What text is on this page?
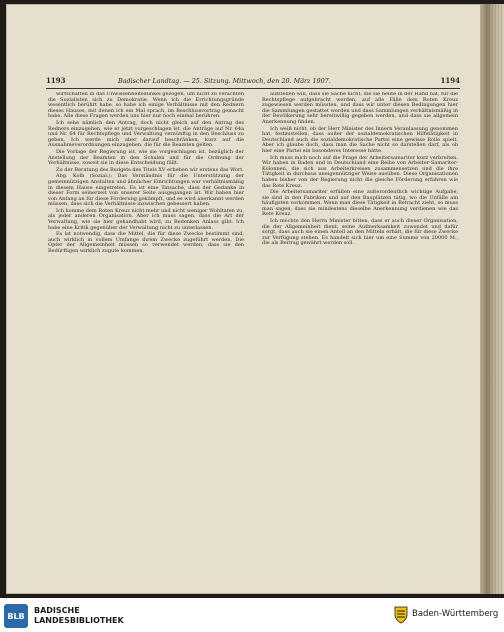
1193	Badischer Landtag. — 25. Sitzung. Mittwoch, den 20. März 1907.	1194

wirtschaften in das Unwissenheitsdunkel gezogen, um nicht zu verachten die Sozialisten sich zu Demokratie. Wenn ich die Errichtungsgründe wesentlich berührt habe, so habe ich einige Verhältnisse mit den Rednern dieses Hauses, mit denen ich ein Mal sprach, im Beschlussvortrag gemacht habe. Alle diese Fragen werden uns hier nur noch einmal berühren.

Ich sehe nämlich den Antrag, doch nicht gleich auf den Antrag des Redners einzugehen, wie er jetzt vorgeschlagen ist, die Anträge auf Nr. 64a und Nr. 64 für Rechtspflege und Verwaltung vernünftig in den Beschluss zu geben. Ich werde mich aber darauf beschränken, kurz auf die Ausnahmeverordnungen einzugehen, die für die Beamten gelten.

Die Vorlage der Regierung ist, wie sie vorgeschlagen ist, bezüglich der Anstellung der Beamten in den Schulen und für die Ordnung der Verhältnisse, soweit sie in diese Entscheidung fällt.

Zu der Beratung des Budgets des Titels XV erheben wir erstens das Wort.

Abg. Kolb (Sozial.): Das Verständnis für die Unterstützung der gemeinnützigen Anstalten und ähnlicher Einrichtungen war verhältnismäßig in diesem Hause eingetreten. Es ist eine Tatsache, dass der Gedanke in dieser Form seinerzeit von unserer Seite ausgegangen ist. Wir haben hier von Anfang an für diese Forderung gekämpft, und es wird anerkannt werden müssen, dass sich die Verhältnisse inzwischen gebessert haben.

Ich komme dem Roten Kreuz nicht mehr und nicht weniger Wohltaten zu, als jeder anderen Organisation. Aber ich muss sagen, dass die Art der Verwaltung, wie sie hier gehandhabt wird, zu Bedenken Anlass gibt. Ich habe eine Kritik gegenüber der Verwaltung nicht zu unterlassen.

Es ist notwendig, dass die Mittel, die für diese Zwecke bestimmt sind, auch wirklich in vollem Umfange ihrem Zwecke zugeführt werden. Die Opfer der Allgemeinheit müssen so verwendet werden, dass sie den Bedürftigen wirklich zugute kommen.

aufstellen will, dass sie Sache nicht, die sie heute in der Hand hat, für die Rechtspflege aufgebracht werden, auf alle Fälle dem Roten Kreuz zugewiesen werden müssten, und dass wir unter diesen Bedingungen hier die Sammlungen gestattet werden und dass Sammlungen verhältnismäßig in der Bevölkerung sehr bereitwillig gegeben werden, und dass sie allgemein Anerkennung finden.

Ich weiß nicht, ob der Herr Minister des Innern Veranlassung genommen hat, festzustellen, dass außer der sozialdemokratischen Hilfstätigkeit in Deutschland auch die sozialdemokratische Partei eine gewisse Rolle spielt. Aber ich glaube doch, dass man die Sache nicht so darstellen darf, als ob hier eine Partei ein besonderes Interesse hätte.

Ich muss mich noch auf die Frage der Arbeitersamariter kurz verbreiten. Wir haben in Baden und in Deutschland eine Reihe von Arbeiter-Samariter-Kolonnen, die sich aus Arbeiterkreisen zusammensetzen und die ihre Tätigkeit in durchaus uneigennütziger Weise ausüben. Diese Organisationen haben bisher von der Regierung nicht die gleiche Förderung erfahren wie das Rote Kreuz.

Die Arbeitersamariter erfüllen eine außerordentlich wichtige Aufgabe, sie sind in den Fabriken und auf den Bauplätzen tätig, wo die Unfälle am häufigsten vorkommen. Wenn man diese Tätigkeit in Betracht zieht, so muss man sagen, dass sie mindestens dieselbe Anerkennung verdienen wie das Rote Kreuz.

Ich möchte den Herrn Minister bitten, dass er auch dieser Organisation, die der Allgemeinheit dient, seine Aufmerksamkeit zuwendet und dafür sorgt, dass auch sie einen Anteil an den Mitteln erhält, die für diese Zwecke zur Verfügung stehen. Es handelt sich hier um eine Summe von 20000 M., die als Beitrag gewährt werden soll.

BLB
BADISCHE
LANDESBIBLIOTHEK
Baden-Württemberg
